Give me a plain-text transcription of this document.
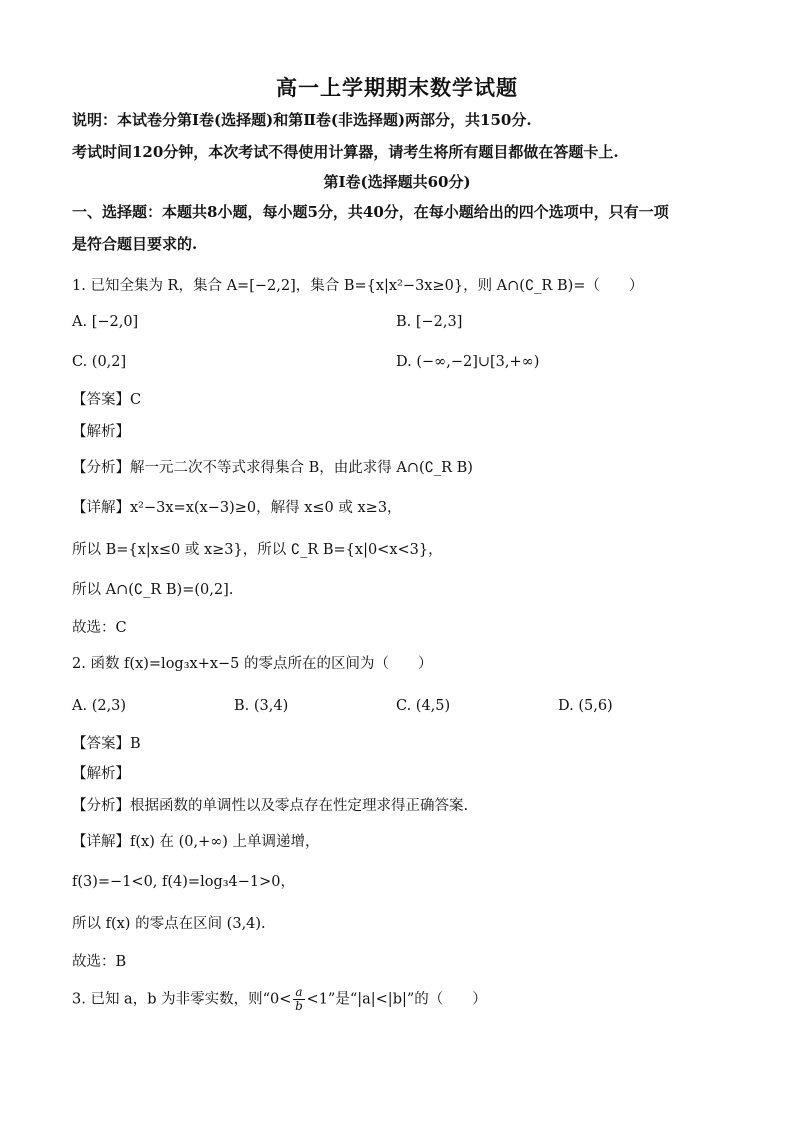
高一上学期期末数学试题
说明：本试卷分第Ⅰ卷(选择题)和第Ⅱ卷(非选择题)两部分，共150分.
考试时间120分钟，本次考试不得使用计算器，请考生将所有题目都做在答题卡上.
第Ⅰ卷(选择题共60分)
一、选择题：本题共8小题，每小题5分，共40分，在每小题给出的四个选项中，只有一项
是符合题目要求的.
1. 已知全集为 R，集合 A=[−2,2]，集合 B={x|x²−3x≥0}，则 A∩(∁_R B)=（　　）
A. [−2,0]	B. [−2,3]
C. (0,2]	D. (−∞,−2]∪[3,+∞)
【答案】C
【解析】
【分析】解一元二次不等式求得集合 B，由此求得 A∩(∁_R B)
【详解】x²−3x=x(x−3)≥0，解得 x≤0 或 x≥3，
所以 B={x|x≤0 或 x≥3}，所以 ∁_R B={x|0<x<3}，
所以 A∩(∁_R B)=(0,2].
故选：C
2. 函数 f(x)=log₃x+x−5 的零点所在的区间为（　　）
A. (2,3)	B. (3,4)	C. (4,5)	D. (5,6)
【答案】B
【解析】
【分析】根据函数的单调性以及零点存在性定理求得正确答案.
【详解】f(x) 在 (0,+∞) 上单调递增，
f(3)=−1<0, f(4)=log₃4−1>0，
所以 f(x) 的零点在区间 (3,4).
故选：B
3. 已知 a，b 为非零实数，则“$0< \frac{a}{b} <1$”是“|a|<|b|”的（　　）
